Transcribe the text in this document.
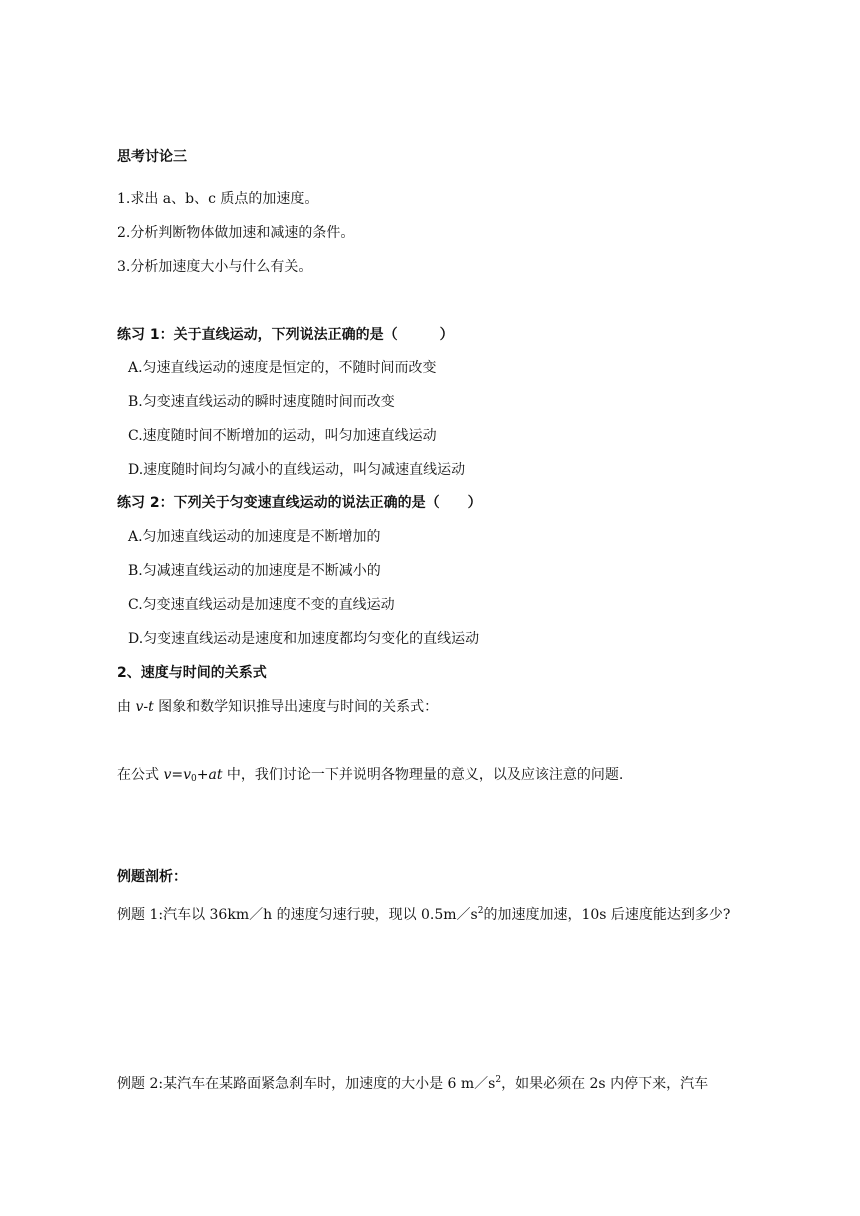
思考讨论三
1.求出 a、b、c 质点的加速度。
2.分析判断物体做加速和减速的条件。
3.分析加速度大小与什么有关。
练习 1：关于直线运动，下列说法正确的是（　　　）
A.匀速直线运动的速度是恒定的，不随时间而改变
B.匀变速直线运动的瞬时速度随时间而改变
C.速度随时间不断增加的运动，叫匀加速直线运动
D.速度随时间均匀减小的直线运动，叫匀减速直线运动
练习 2：下列关于匀变速直线运动的说法正确的是（　　）
A.匀加速直线运动的加速度是不断增加的
B.匀减速直线运动的加速度是不断减小的
C.匀变速直线运动是加速度不变的直线运动
D.匀变速直线运动是速度和加速度都均匀变化的直线运动
2、速度与时间的关系式
由 v-t 图象和数学知识推导出速度与时间的关系式：
在公式 $v=v_0+at$ 中，我们讨论一下并说明各物理量的意义，以及应该注意的问题.
例题剖析：
例题 1:汽车以 36km／h 的速度匀速行驶，现以 $0.5m/s^2$的加速度加速，10s 后速度能达到多少?
例题 2:某汽车在某路面紧急刹车时，加速度的大小是 6 $m/s^2$，如果必须在 2s 内停下来，汽车
